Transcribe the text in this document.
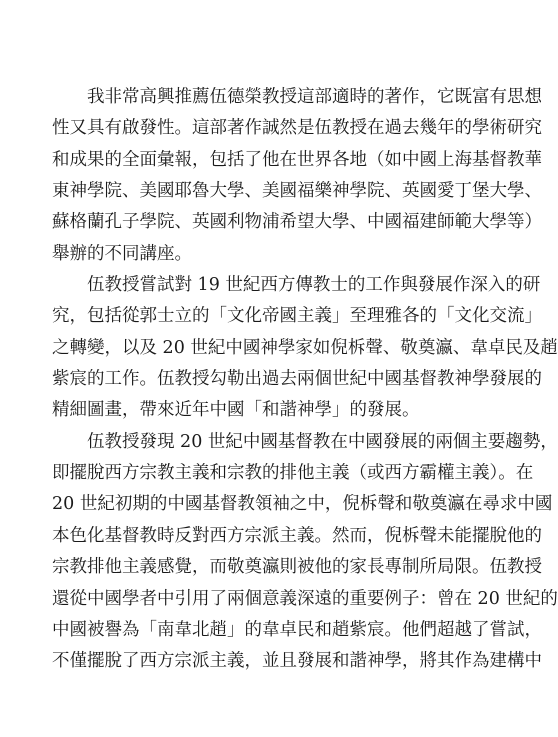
我非常高興推薦伍德榮教授這部適時的著作，它既富有思想
性又具有啟發性。這部著作誠然是伍教授在過去幾年的學術研究
和成果的全面彙報，包括了他在世界各地（如中國上海基督教華
東神學院、美國耶魯大學、美國福樂神學院、英國愛丁堡大學、
蘇格蘭孔子學院、英國利物浦希望大學、中國福建師範大學等）
舉辦的不同講座。
伍教授嘗試對 19 世紀西方傳教士的工作與發展作深入的研
究，包括從郭士立的「文化帝國主義」至理雅各的「文化交流」
之轉變，以及 20 世紀中國神學家如倪柝聲、敬奠瀛、韋卓民及趙
紫宸的工作。伍教授勾勒出過去兩個世紀中國基督教神學發展的
精細圖畫，帶來近年中國「和諧神學」的發展。
伍教授發現 20 世紀中國基督教在中國發展的兩個主要趨勢，
即擺脫西方宗教主義和宗教的排他主義（或西方霸權主義）。在
20 世紀初期的中國基督教領袖之中，倪柝聲和敬奠瀛在尋求中國
本色化基督教時反對西方宗派主義。然而，倪柝聲未能擺脫他的
宗教排他主義感覺，而敬奠瀛則被他的家長專制所局限。伍教授
還從中國學者中引用了兩個意義深遠的重要例子：曾在 20 世紀的
中國被譽為「南韋北趙」的韋卓民和趙紫宸。他們超越了嘗試，
不僅擺脫了西方宗派主義，並且發展和諧神學，將其作為建構中
